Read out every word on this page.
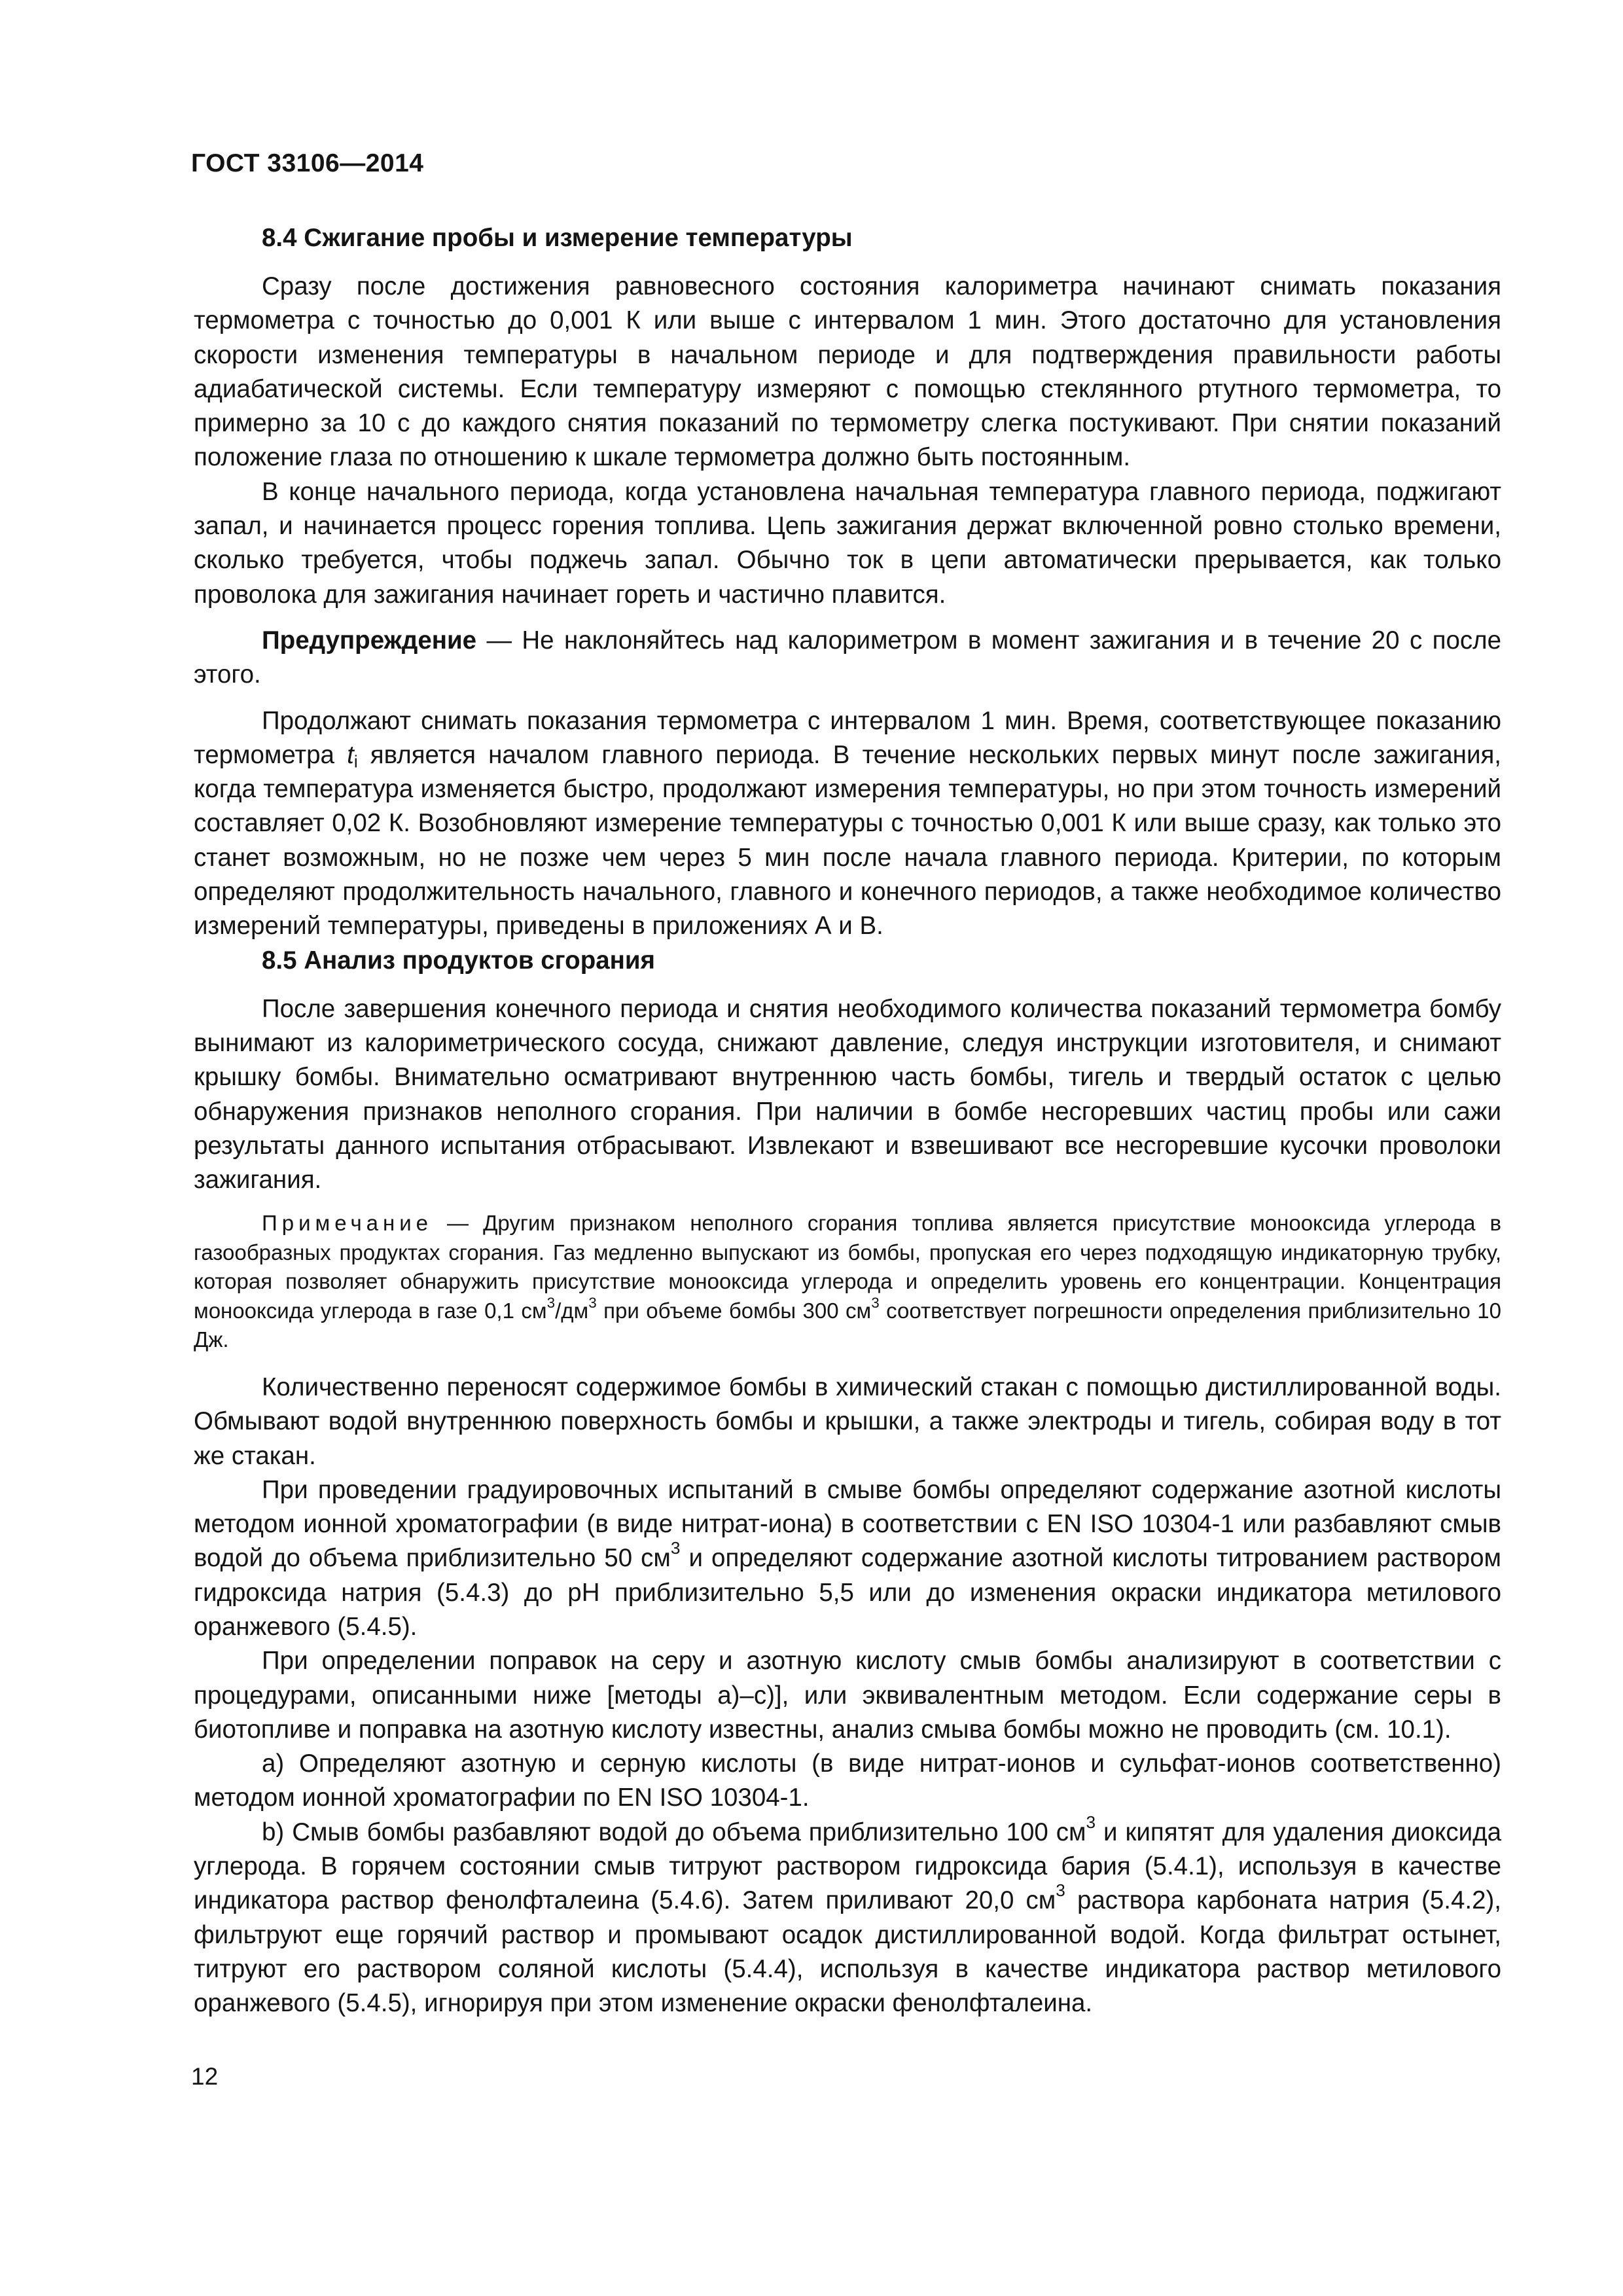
ГОСТ 33106—2014
8.4 Сжигание пробы и измерение температуры

Сразу после достижения равновесного состояния калориметра начинают снимать показания термометра с точностью до 0,001 К или выше с интервалом 1 мин. Этого достаточно для установления скорости изменения температуры в начальном периоде и для подтверждения правильности работы адиабатической системы. Если температуру измеряют с помощью стеклянного ртутного термометра, то примерно за 10 с до каждого снятия показаний по термометру слегка постукивают. При снятии показаний положение глаза по отношению к шкале термометра должно быть постоянным.

В конце начального периода, когда установлена начальная температура главного периода, поджигают запал, и начинается процесс горения топлива. Цепь зажигания держат включенной ровно столько времени, сколько требуется, чтобы поджечь запал. Обычно ток в цепи автоматически прерывается, как только проволока для зажигания начинает гореть и частично плавится.

Предупреждение — Не наклоняйтесь над калориметром в момент зажигания и в течение 20 с после этого.

Продолжают снимать показания термометра с интервалом 1 мин. Время, соответствующее показанию термометра $t_i$ является началом главного периода. В течение нескольких первых минут после зажигания, когда температура изменяется быстро, продолжают измерения температуры, но при этом точность измерений составляет 0,02 К. Возобновляют измерение температуры с точностью 0,001 К или выше сразу, как только это станет возможным, но не позже чем через 5 мин после начала главного периода. Критерии, по которым определяют продолжительность начального, главного и конечного периодов, а также необходимое количество измерений температуры, приведены в приложениях А и В.

8.5 Анализ продуктов сгорания

После завершения конечного периода и снятия необходимого количества показаний термометра бомбу вынимают из калориметрического сосуда, снижают давление, следуя инструкции изготовителя, и снимают крышку бомбы. Внимательно осматривают внутреннюю часть бомбы, тигель и твердый остаток с целью обнаружения признаков неполного сгорания. При наличии в бомбе несгоревших частиц пробы или сажи результаты данного испытания отбрасывают. Извлекают и взвешивают все несгоревшие кусочки проволоки зажигания.

Примечание — Другим признаком неполного сгорания топлива является присутствие монооксида углерода в газообразных продуктах сгорания. Газ медленно выпускают из бомбы, пропуская его через подходящую индикаторную трубку, которая позволяет обнаружить присутствие монооксида углерода и определить уровень его концентрации. Концентрация монооксида углерода в газе 0,1 $см^3/дм^3$ при объеме бомбы 300 $см^3$ соответствует погрешности определения приблизительно 10 Дж.

Количественно переносят содержимое бомбы в химический стакан с помощью дистиллированной воды. Обмывают водой внутреннюю поверхность бомбы и крышки, а также электроды и тигель, собирая воду в тот же стакан.

При проведении градуировочных испытаний в смыве бомбы определяют содержание азотной кислоты методом ионной хроматографии (в виде нитрат-иона) в соответствии с EN ISO 10304-1 или разбавляют смыв водой до объема приблизительно 50 $см^3$ и определяют содержание азотной кислоты титрованием раствором гидроксида натрия (5.4.3) до pH приблизительно 5,5 или до изменения окраски индикатора метилового оранжевого (5.4.5).

При определении поправок на серу и азотную кислоту смыв бомбы анализируют в соответствии с процедурами, описанными ниже [методы a)–c)], или эквивалентным методом. Если содержание серы в биотопливе и поправка на азотную кислоту известны, анализ смыва бомбы можно не проводить (см. 10.1).

a) Определяют азотную и серную кислоты (в виде нитрат-ионов и сульфат-ионов соответственно) методом ионной хроматографии по EN ISO 10304-1.

b) Смыв бомбы разбавляют водой до объема приблизительно 100 $см^3$ и кипятят для удаления диоксида углерода. В горячем состоянии смыв титруют раствором гидроксида бария (5.4.1), используя в качестве индикатора раствор фенолфталеина (5.4.6). Затем приливают 20,0 $см^3$ раствора карбоната натрия (5.4.2), фильтруют еще горячий раствор и промывают осадок дистиллированной водой. Когда фильтрат остынет, титруют его раствором соляной кислоты (5.4.4), используя в качестве индикатора раствор метилового оранжевого (5.4.5), игнорируя при этом изменение окраски фенолфталеина.

12
